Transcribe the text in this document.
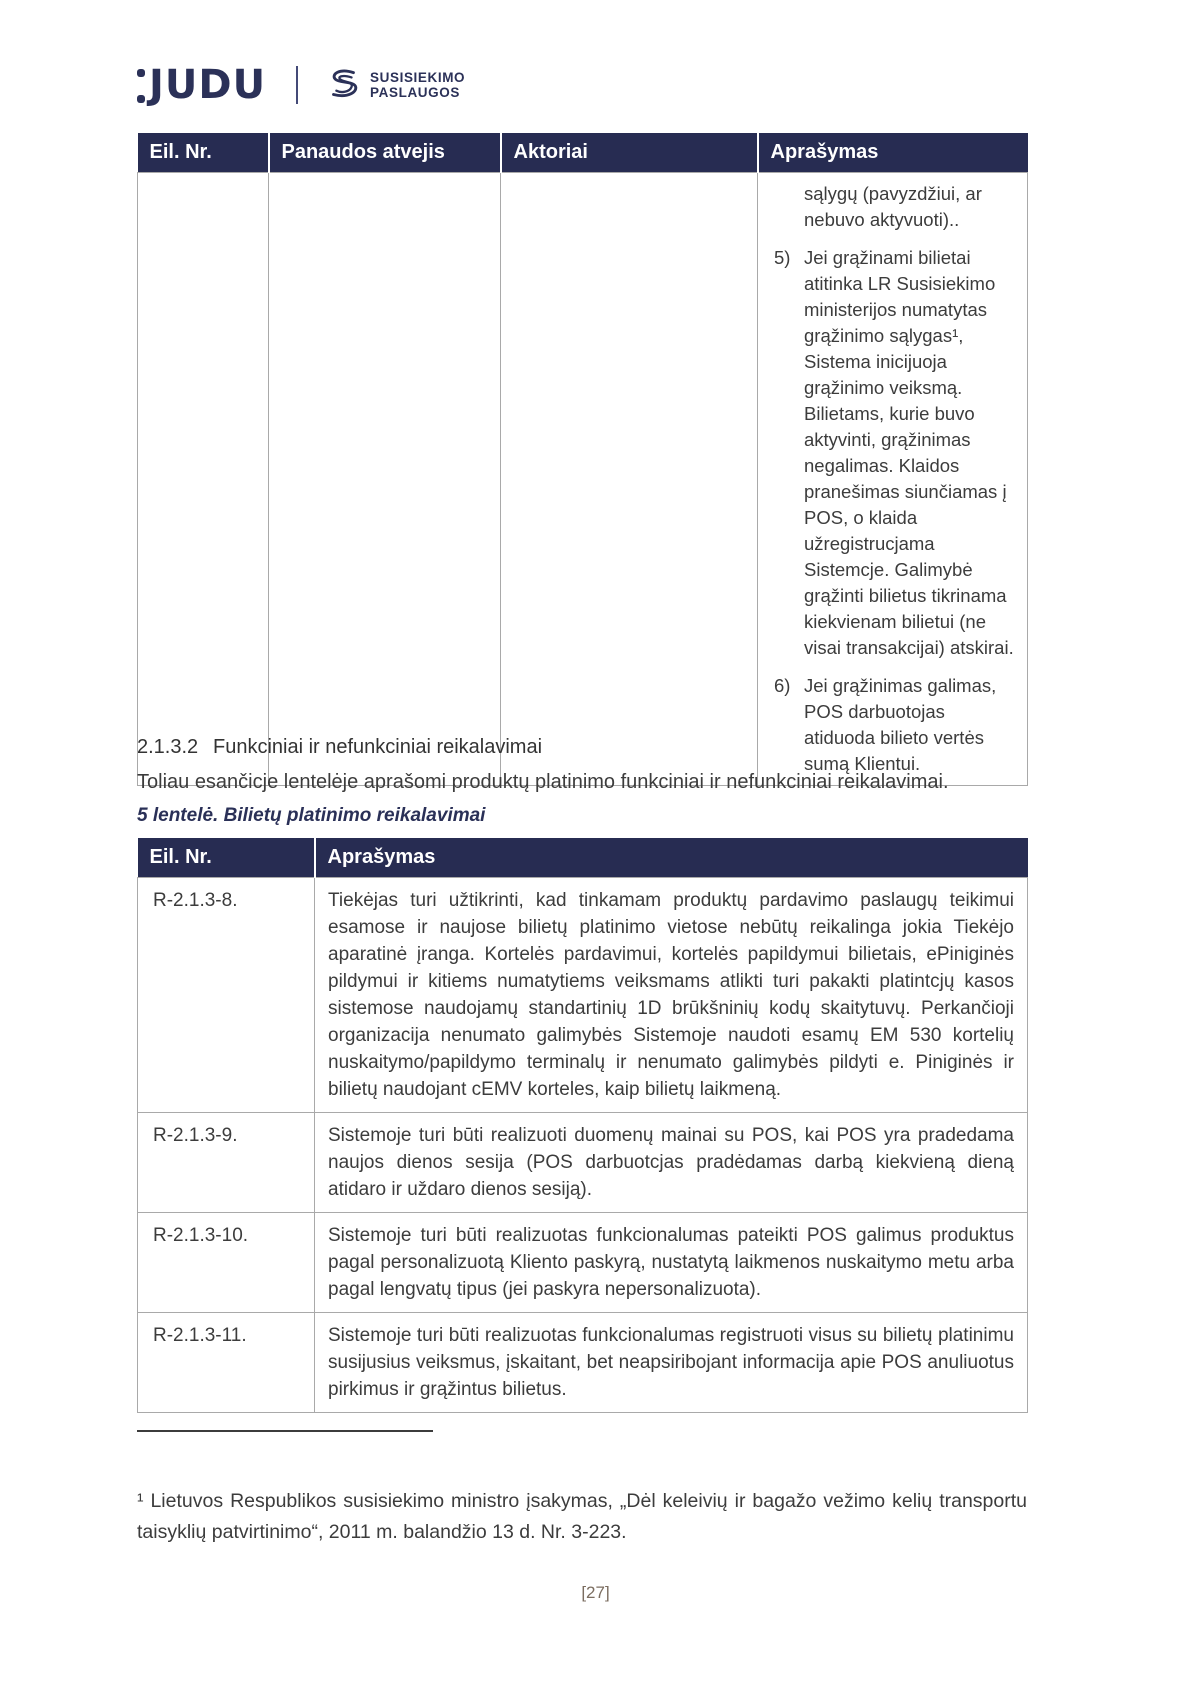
JUDU	SUSISIEKIMO
PASLAUGOS
Eil. Nr.	Panaudos atvejis	Aktoriai	Aprašymas

			sąlygų (pavyzdžiui, ar nebuvo aktyvuoti)..
5) Jei grąžinami bilietai atitinka LR Susisiekimo ministerijos numatytas grąžinimo sąlygas¹, Sistema inicijuoja grąžinimo veiksmą. Bilietams, kurie buvo aktyvinti, grąžinimas negalimas. Klaidos pranešimas siunčiamas į POS, o klaida užregistrucjama Sistemcje. Galimybė grąžinti bilietus tikrinama kiekvienam bilietui (ne visai transakcijai) atskirai.
6) Jei grąžinimas galimas, POS darbuotojas atiduoda bilieto vertės sumą Klientui.
2.1.3.2 Funkciniai ir nefunkciniai reikalavimai
Toliau esančicje lentelėje aprašomi produktų platinimo funkciniai ir nefunkciniai reikalavimai.
5 lentelė. Bilietų platinimo reikalavimai
Eil. Nr.	Aprašymas
R-2.1.3-8.	Tiekėjas turi užtikrinti, kad tinkamam produktų pardavimo paslaugų teikimui esamose ir naujose bilietų platinimo vietose nebūtų reikalinga jokia Tiekėjo aparatinė įranga. Kortelės pardavimui, kortelės papildymui bilietais, ePiniginės pildymui ir kitiems numatytiems veiksmams atlikti turi pakakti platintcjų kasos sistemose naudojamų standartinių 1D brūkšninių kodų skaitytuvų. Perkančioji organizacija nenumato galimybės Sistemoje naudoti esamų EM 530 kortelių nuskaitymo/papildymo terminalų ir nenumato galimybės pildyti e. Piniginės ir bilietų naudojant cEMV korteles, kaip bilietų laikmeną.
R-2.1.3-9.	Sistemoje turi būti realizuoti duomenų mainai su POS, kai POS yra pradedama naujos dienos sesija (POS darbuotcjas pradėdamas darbą kiekvieną dieną atidaro ir uždaro dienos sesiją).
R-2.1.3-10.	Sistemoje turi būti realizuotas funkcionalumas pateikti POS galimus produktus pagal personalizuotą Kliento paskyrą, nustatytą laikmenos nuskaitymo metu arba pagal lengvatų tipus (jei paskyra nepersonalizuota).
R-2.1.3-11.	Sistemoje turi būti realizuotas funkcionalumas registruoti visus su bilietų platinimu susijusius veiksmus, įskaitant, bet neapsiribojant informacija apie POS anuliuotus pirkimus ir grąžintus bilietus.
¹ Lietuvos Respublikos susisiekimo ministro įsakymas, „Dėl keleivių ir bagažo vežimo kelių transportu taisyklių patvirtinimo“, 2011 m. balandžio 13 d. Nr. 3-223.
[27]
